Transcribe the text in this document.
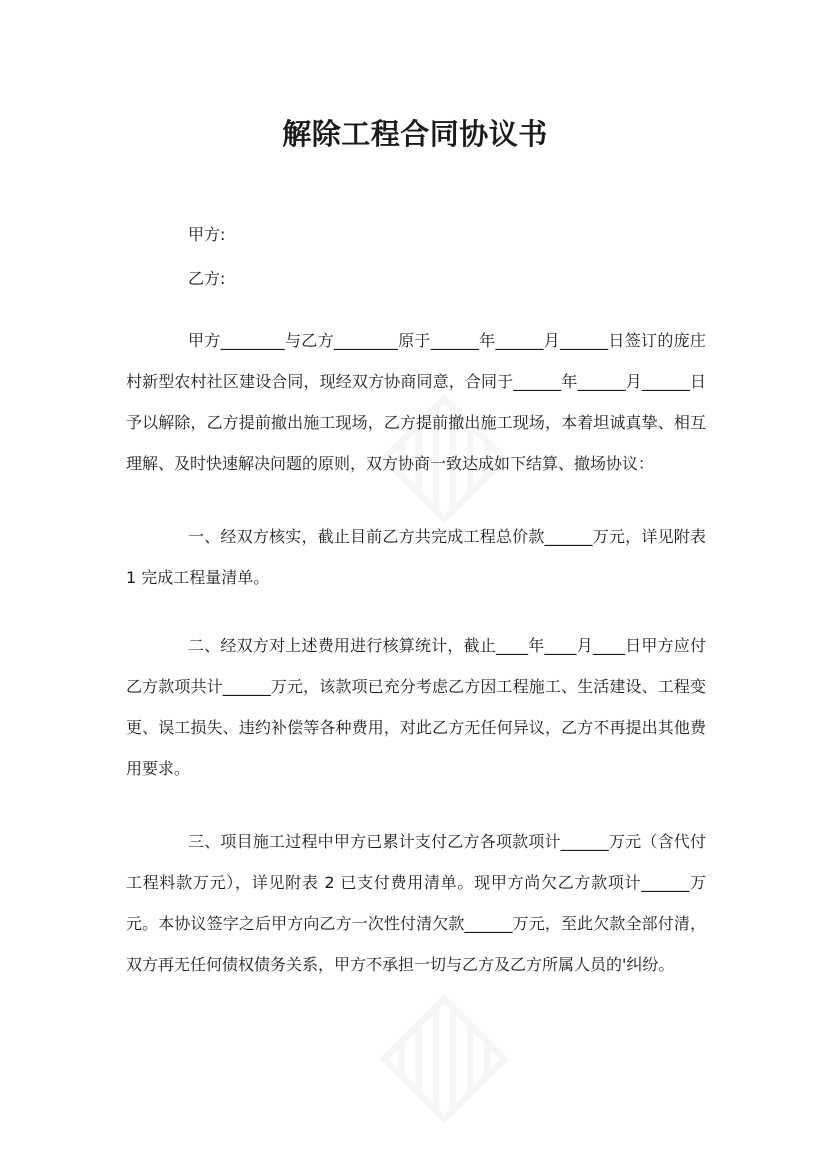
解除工程合同协议书
甲方:
乙方:
甲方________与乙方________原于______年______月______日签订的庞庄村新型农村社区建设合同，现经双方协商同意，合同于______年______月______日予以解除，乙方提前撤出施工现场，乙方提前撤出施工现场，本着坦诚真挚、相互理解、及时快速解决问题的原则，双方协商一致达成如下结算、撤场协议：
一、经双方核实，截止目前乙方共完成工程总价款______万元，详见附表 1 完成工程量清单。
二、经双方对上述费用进行核算统计，截止____年____月____日甲方应付乙方款项共计______万元，该款项已充分考虑乙方因工程施工、生活建设、工程变更、误工损失、违约补偿等各种费用，对此乙方无任何异议，乙方不再提出其他费用要求。
三、项目施工过程中甲方已累计支付乙方各项款项计______万元（含代付工程料款万元），详见附表 2 已支付费用清单。现甲方尚欠乙方款项计______万元。本协议签字之后甲方向乙方一次性付清欠款______万元，至此欠款全部付清，双方再无任何债权债务关系，甲方不承担一切与乙方及乙方所属人员的'纠纷。
